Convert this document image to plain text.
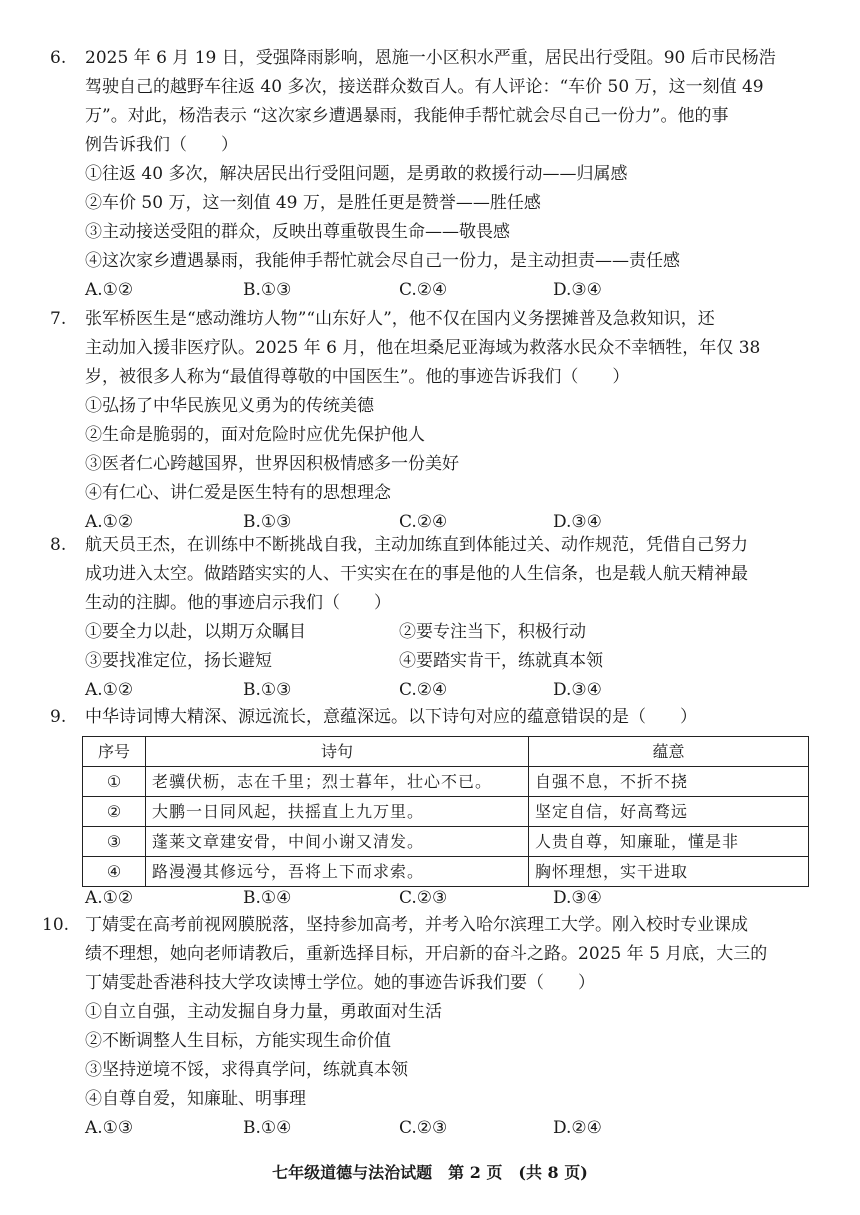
6. 2025 年 6 月 19 日，受强降雨影响，恩施一小区积水严重，居民出行受阻。90 后市民杨浩
驾驶自己的越野车往返 40 多次，接送群众数百人。有人评论：“车价 50 万，这一刻值 49
万”。对此，杨浩表示 “这次家乡遭遇暴雨，我能伸手帮忙就会尽自己一份力”。他的事
例告诉我们（　　）
①往返 40 多次，解决居民出行受阻问题，是勇敢的救援行动——归属感
②车价 50 万，这一刻值 49 万，是胜任更是赞誉——胜任感
③主动接送受阻的群众，反映出尊重敬畏生命——敬畏感
④这次家乡遭遇暴雨，我能伸手帮忙就会尽自己一份力，是主动担责——责任感
A.①②	B.①③	C.②④	D.③④
7. 张军桥医生是“感动潍坊人物”“山东好人”，他不仅在国内义务摆摊普及急救知识，还
主动加入援非医疗队。2025 年 6 月，他在坦桑尼亚海域为救落水民众不幸牺牲，年仅 38
岁，被很多人称为“最值得尊敬的中国医生”。他的事迹告诉我们（　　）
①弘扬了中华民族见义勇为的传统美德
②生命是脆弱的，面对危险时应优先保护他人
③医者仁心跨越国界，世界因积极情感多一份美好
④有仁心、讲仁爱是医生特有的思想理念
A.①②	B.①③	C.②④	D.③④
8. 航天员王杰，在训练中不断挑战自我，主动加练直到体能过关、动作规范，凭借自己努力
成功进入太空。做踏踏实实的人、干实实在在的事是他的人生信条，也是载人航天精神最
生动的注脚。他的事迹启示我们（　　）
①要全力以赴，以期万众瞩目	②要专注当下，积极行动
③要找准定位，扬长避短	④要踏实肯干，练就真本领
A.①②	B.①③	C.②④	D.③④
9. 中华诗词博大精深、源远流长，意蕴深远。以下诗句对应的蕴意错误的是（　　）
序号	诗句	蕴意
①	老骥伏枥，志在千里；烈士暮年，壮心不已。	自强不息，不折不挠
②	大鹏一日同风起，扶摇直上九万里。	坚定自信，好高骛远
③	蓬莱文章建安骨，中间小谢又清发。	人贵自尊，知廉耻，懂是非
④	路漫漫其修远兮，吾将上下而求索。	胸怀理想，实干进取
A.①②	B.①④	C.②③	D.③④
10. 丁婧雯在高考前视网膜脱落，坚持参加高考，并考入哈尔滨理工大学。刚入校时专业课成
绩不理想，她向老师请教后，重新选择目标，开启新的奋斗之路。2025 年 5 月底，大三的
丁婧雯赴香港科技大学攻读博士学位。她的事迹告诉我们要（　　）
①自立自强，主动发掘自身力量，勇敢面对生活
②不断调整人生目标，方能实现生命价值
③坚持逆境不馁，求得真学问，练就真本领
④自尊自爱，知廉耻、明事理
A.①③	B.①④	C.②③	D.②④
七年级道德与法治试题　第 2 页　(共 8 页)
